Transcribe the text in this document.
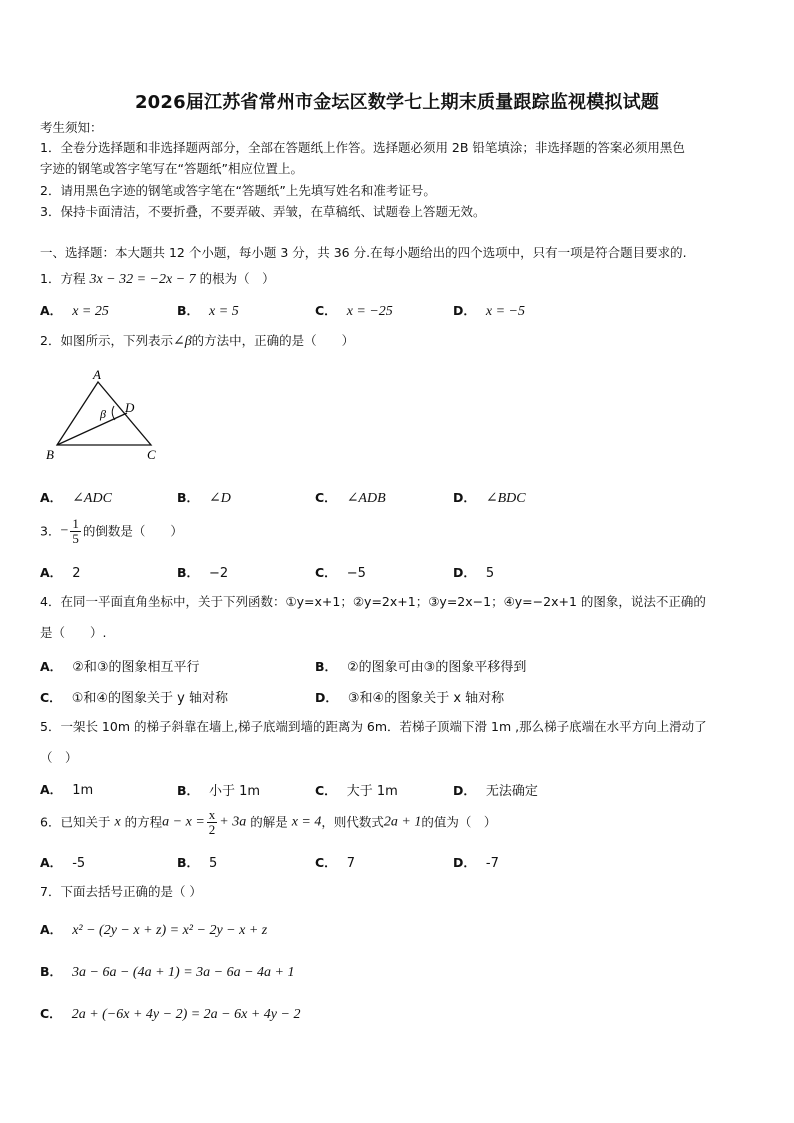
2026届江苏省常州市金坛区数学七上期末质量跟踪监视模拟试题
考生须知：
1．全卷分选择题和非选择题两部分，全部在答题纸上作答。选择题必须用 2B 铅笔填涂；非选择题的答案必须用黑色
字迹的钢笔或答字笔写在“答题纸”相应位置上。
2．请用黑色字迹的钢笔或答字笔在“答题纸”上先填写姓名和准考证号。
3．保持卡面清洁，不要折叠，不要弄破、弄皱，在草稿纸、试题卷上答题无效。
一、选择题：本大题共 12 个小题，每小题 3 分，共 36 分.在每小题给出的四个选项中，只有一项是符合题目要求的.
1．方程 3x − 32 = −2x − 7 的根为（　）
A． x = 25	B． x = 5	C． x = −25	D． x = −5
2．如图所示，下列表示∠β的方法中，正确的是（　　）
A
D
β
B	C
A． ∠ADC	B． ∠D	C． ∠ADB	D． ∠BDC
3．− $\frac{1}{5}$ 的倒数是（　　）
A． 2	B． −2	C． −5	D． 5
4．在同一平面直角坐标中，关于下列函数：①y=x+1；②y=2x+1；③y=2x−1；④y=−2x+1 的图象，说法不正确的
是（　　）.
A． ②和③的图象相互平行	B． ②的图象可由③的图象平移得到
C． ①和④的图象关于 y 轴对称	D． ③和④的图象关于 x 轴对称
5．一架长 10m 的梯子斜靠在墙上,梯子底端到墙的距离为 6m．若梯子顶端下滑 1m ,那么梯子底端在水平方向上滑动了
（　）
A． 1m	B． 小于 1m	C． 大于 1m	D． 无法确定
6．已知关于 x 的方程$a - x = \frac{x}{2} + 3a$ 的解是 x = 4，则代数式2a + 1的值为（　）
A． -5	B． 5	C． 7	D． -7
7．下面去括号正确的是（ ）
A． x² − (2y − x + z) = x² − 2y − x + z
B． 3a − 6a − (4a + 1) = 3a − 6a − 4a + 1
C． 2a + (−6x + 4y − 2) = 2a − 6x + 4y − 2
